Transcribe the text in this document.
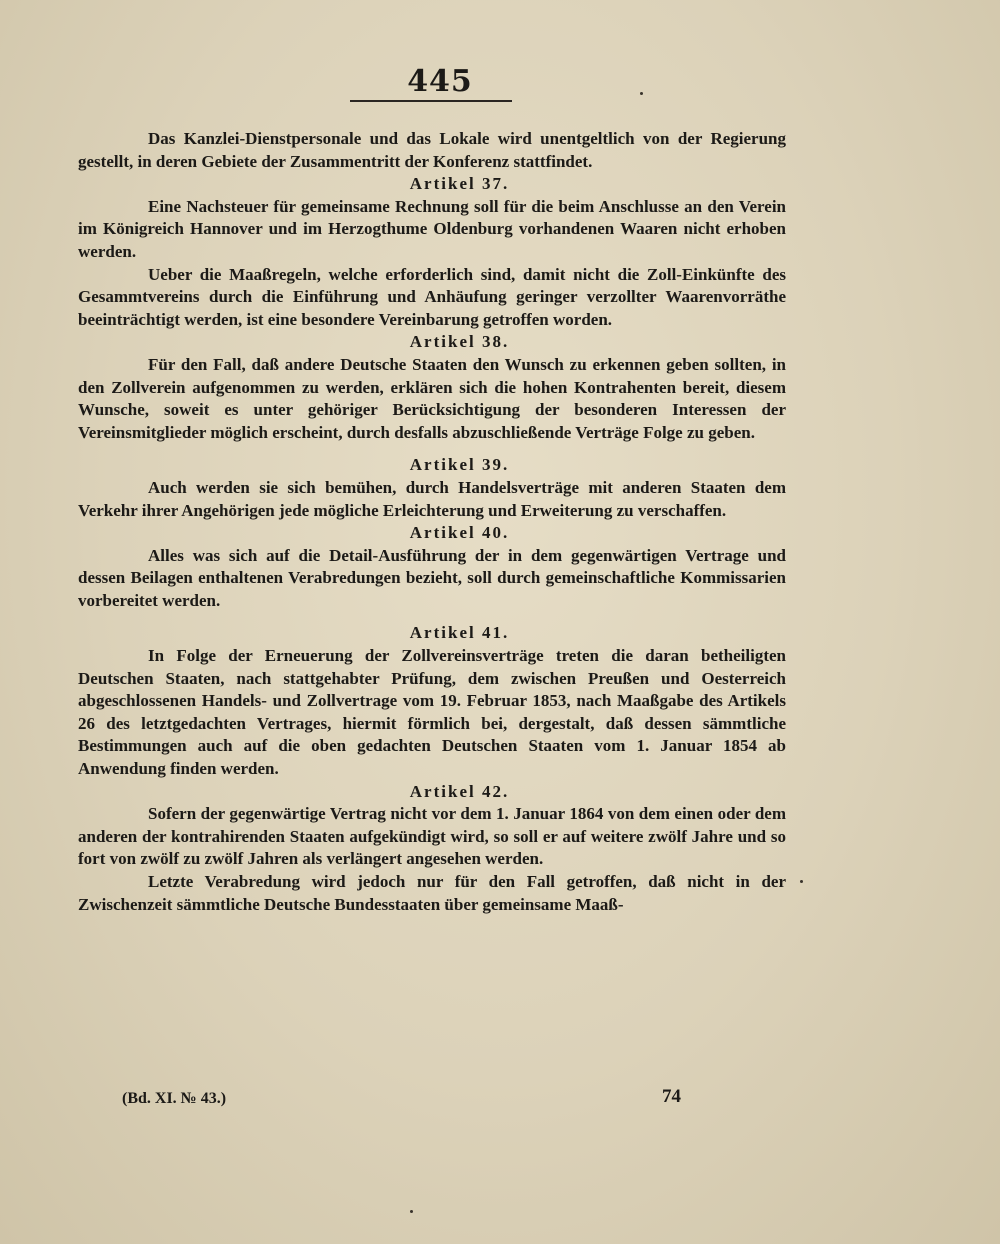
445

Das Kanzlei-Dienstpersonale und das Lokale wird unentgeltlich von der Regierung gestellt, in deren Gebiete der Zusammentritt der Konferenz stattfindet.

Artikel 37.

Eine Nachsteuer für gemeinsame Rechnung soll für die beim Anschlusse an den Verein im Königreich Hannover und im Herzogthume Oldenburg vorhandenen Waaren nicht erhoben werden.

Ueber die Maaßregeln, welche erforderlich sind, damit nicht die Zoll-Einkünfte des Gesammtvereins durch die Einführung und Anhäufung geringer verzollter Waarenvorräthe beeinträchtigt werden, ist eine besondere Vereinbarung getroffen worden.

Artikel 38.

Für den Fall, daß andere Deutsche Staaten den Wunsch zu erkennen geben sollten, in den Zollverein aufgenommen zu werden, erklären sich die hohen Kontrahenten bereit, diesem Wunsche, soweit es unter gehöriger Berücksichtigung der besonderen Interessen der Vereinsmitglieder möglich erscheint, durch desfalls abzuschließende Verträge Folge zu geben.

Artikel 39.

Auch werden sie sich bemühen, durch Handelsverträge mit anderen Staaten dem Verkehr ihrer Angehörigen jede mögliche Erleichterung und Erweiterung zu verschaffen.

Artikel 40.

Alles was sich auf die Detail-Ausführung der in dem gegenwärtigen Vertrage und dessen Beilagen enthaltenen Verabredungen bezieht, soll durch gemeinschaftliche Kommissarien vorbereitet werden.

Artikel 41.

In Folge der Erneuerung der Zollvereinsverträge treten die daran betheiligten Deutschen Staaten, nach stattgehabter Prüfung, dem zwischen Preußen und Oesterreich abgeschlossenen Handels- und Zollvertrage vom 19. Februar 1853, nach Maaßgabe des Artikels 26 des letztgedachten Vertrages, hiermit förmlich bei, dergestalt, daß dessen sämmtliche Bestimmungen auch auf die oben gedachten Deutschen Staaten vom 1. Januar 1854 ab Anwendung finden werden.

Artikel 42.

Sofern der gegenwärtige Vertrag nicht vor dem 1. Januar 1864 von dem einen oder dem anderen der kontrahirenden Staaten aufgekündigt wird, so soll er auf weitere zwölf Jahre und so fort von zwölf zu zwölf Jahren als verlängert angesehen werden.

Letzte Verabredung wird jedoch nur für den Fall getroffen, daß nicht in der Zwischenzeit sämmtliche Deutsche Bundesstaaten über gemeinsame Maaß-

(Bd. XI. № 43.)	74
